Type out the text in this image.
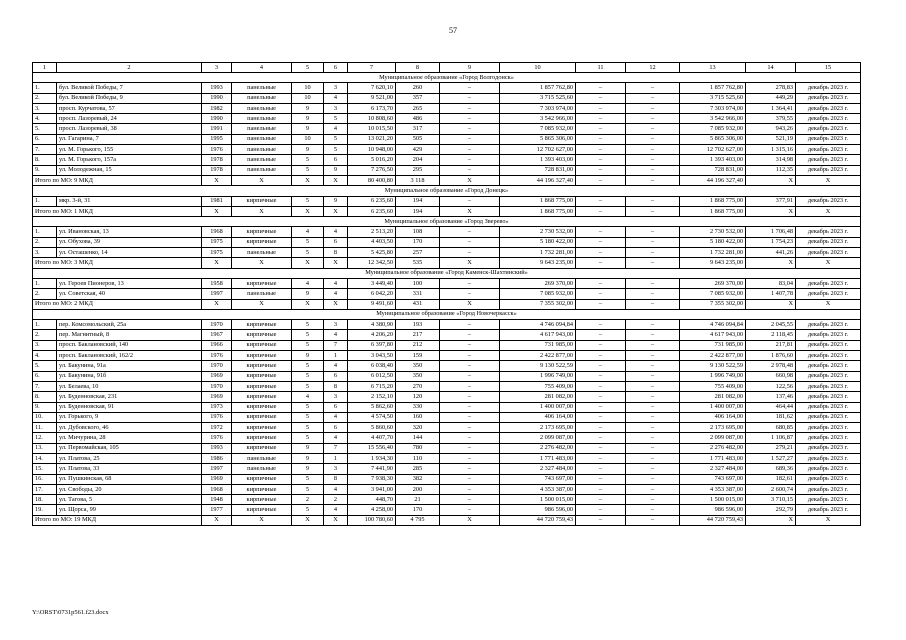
57
1	2	3	4	5	6	7	8	9	10	11	12	13	14	15
Муниципальное образование «Город Волгодонск»														
1.	бул. Великой Победы, 7	1993	панельные	10	3	7 620,10	260	–	1 857 762,80	–	–	1 857 762,80	278,83	декабрь 2023 г.
2.	бул. Великой Победы, 9	1990	панельные	10	4	9 521,00	357	–	3 715 525,60	–	–	3 715 525,60	449,29	декабрь 2023 г.
3.	просп. Курчатова, 57	1982	панельные	9	3	6 173,70	265	–	7 303 974,00	–	–	7 303 974,00	1 364,41	декабрь 2023 г.
4.	просп. Лазоревый, 24	1990	панельные	9	5	10 808,60	486	–	3 542 966,00	–	–	3 542 966,00	379,55	декабрь 2023 г.
5.	просп. Лазоревый, 38	1991	панельные	9	4	10 015,50	317	–	7 085 932,00	–	–	7 085 932,00	943,26	декабрь 2023 г.
6.	ул. Гагарина, 7	1995	панельные	10	5	13 021,20	505	–	5 865 306,00	–	–	5 865 306,00	521,19	декабрь 2023 г.
7.	ул. М. Горького, 155	1976	панельные	9	5	10 948,00	429	–	12 702 627,00	–	–	12 702 627,00	1 315,16	декабрь 2023 г.
8.	ул. М. Горького, 157а	1978	панельные	5	6	5 016,20	204	–	1 393 403,00	–	–	1 393 403,00	314,98	декабрь 2023 г.
9.	ул. Молодежная, 15	1978	панельные	5	9	7 276,50	295	–	728 831,00	–	–	728 831,00	112,35	декабрь 2023 г.
Итого по МО: 9 МКД		Х	Х	Х	Х	80 400,80	3 118	Х	44 196 327,40	–	–	44 196 327,40	Х	Х
Муниципальное образование «Город Донецк»														
1.	мкр. 3-й, 31	1981	кирпичные	5	9	6 235,60	194	–	1 868 775,00	–	–	1 868 775,00	377,91	декабрь 2023 г.
Итого по МО: 1 МКД		Х	Х	Х	Х	6 235,60	194	Х	1 868 775,00	–	–	1 868 775,00	Х	Х
Муниципальное образование «Город Зверево»														
1.	ул. Ивановская, 13	1968	кирпичные	4	4	2 513,20	108	–	2 730 532,00	–	–	2 730 532,00	1 706,48	декабрь 2023 г.
2.	ул. Обухова, 39	1975	кирпичные	5	6	4 403,50	170	–	5 180 422,00	–	–	5 180 422,00	1 754,23	декабрь 2023 г.
3.	ул. Осташенко, 14	1975	панельные	5	8	5 425,80	257	–	1 732 281,00	–	–	1 732 281,00	441,26	декабрь 2023 г.
Итого по МО: 3 МКД		Х	Х	Х	Х	12 342,50	535	Х	9 643 235,00	–	–	9 643 235,00	Х	Х
Муниципальное образование «Город Каменск-Шахтинский»														
1.	ул. Героев Пионеров, 13	1958	кирпичные	4	4	3 449,40	100	–	269 370,00	–	–	269 370,00	83,04	декабрь 2023 г.
2.	ул. Советская, 40	1997	панельные	9	4	6 042,20	331	–	7 085 932,00	–	–	7 085 932,00	1 407,78	декабрь 2023 г.
Итого по МО: 2 МКД		Х	Х	Х	Х	9 491,60	431	Х	7 355 302,00	–	–	7 355 302,00	Х	Х
Муниципальное образование «Город Новочеркасск»														
1.	пер. Комсомольский, 25а	1970	кирпичные	5	3	4 380,90	193	–	4 746 094,84	–	–	4 746 094,84	2 045,55	декабрь 2023 г.
2.	пер. Магнитный, 8	1967	кирпичные	5	4	4 206,20	217	–	4 617 943,00	–	–	4 617 943,00	2 118,45	декабрь 2023 г.
3.	просп. Баклановский, 140	1966	кирпичные	5	7	6 397,80	212	–	731 985,00	–	–	731 985,00	217,81	декабрь 2023 г.
4.	просп. Баклановский, 162/2	1976	кирпичные	9	1	3 043,50	159	–	2 422 877,00	–	–	2 422 877,00	1 876,60	декабрь 2023 г.
5.	ул. Бакунина, 91а	1970	кирпичные	5	4	6 038,40	350	–	9 130 522,59	–	–	9 130 522,59	2 978,48	декабрь 2023 г.
6.	ул. Бакунина, 91б	1969	кирпичные	5	6	6 012,50	350	–	1 996 749,00	–	–	1 996 749,00	660,98	декабрь 2023 г.
7.	ул. Белаева, 10	1970	кирпичные	5	8	6 715,20	270	–	755 409,00	–	–	755 409,00	122,56	декабрь 2023 г.
8.	ул. Буденновская, 231	1969	кирпичные	4	3	2 152,10	120	–	281 082,00	–	–	281 082,00	137,46	декабрь 2023 г.
9.	ул. Буденновская, 91	1973	кирпичные	5	6	5 862,60	330	–	1 400 007,00	–	–	1 400 007,00	464,44	декабрь 2023 г.
10.	ул. Горького, 9	1976	кирпичные	5	4	4 574,50	160	–	406 164,00	–	–	406 164,00	181,62	декабрь 2023 г.
11.	ул. Дубовского, 46	1972	кирпичные	5	6	5 860,60	320	–	2 173 695,00	–	–	2 173 695,00	680,85	декабрь 2023 г.
12.	ул. Мичурина, 28	1976	кирпичные	5	4	4 407,70	144	–	2 099 087,00	–	–	2 099 087,00	1 106,87	декабрь 2023 г.
13.	ул. Первомайская, 105	1993	кирпичные	9	7	15 556,40	780	–	2 276 482,00	–	–	2 276 482,00	279,21	декабрь 2023 г.
14.	ул. Платовa, 25	1986	панельные	9	1	1 934,30	110	–	1 771 483,00	–	–	1 771 483,00	1 527,27	декабрь 2023 г.
15.	ул. Платова, 33	1997	панельные	9	3	7 441,90	285	–	2 327 484,00	–	–	2 327 484,00	689,36	декабрь 2023 г.
16.	ул. Пушкинская, 68	1969	кирпичные	5	8	7 938,30	382	–	743 697,00	–	–	743 697,00	182,61	декабрь 2023 г.
17.	ул. Свободы, 20	1968	кирпичные	5	4	3 941,00	200	–	4 353 387,00	–	–	4 353 387,00	2 600,74	декабрь 2023 г.
18.	ул. Тагова, 5	1948	кирпичные	2	2	448,70	21	–	1 500 015,00	–	–	1 500 015,00	3 710,15	декабрь 2023 г.
19.	ул. Щорса, 99	1977	кирпичные	5	4	4 258,00	170	–	986 596,00	–	–	986 596,00	292,79	декабрь 2023 г.
Итого по МО: 19 МКД		Х	Х	Х	Х	100 780,60	4 795	Х	44 720 759,43	–	–	44 720 759,43	Х	Х
Y:\ORST\0731p561.f23.docx
